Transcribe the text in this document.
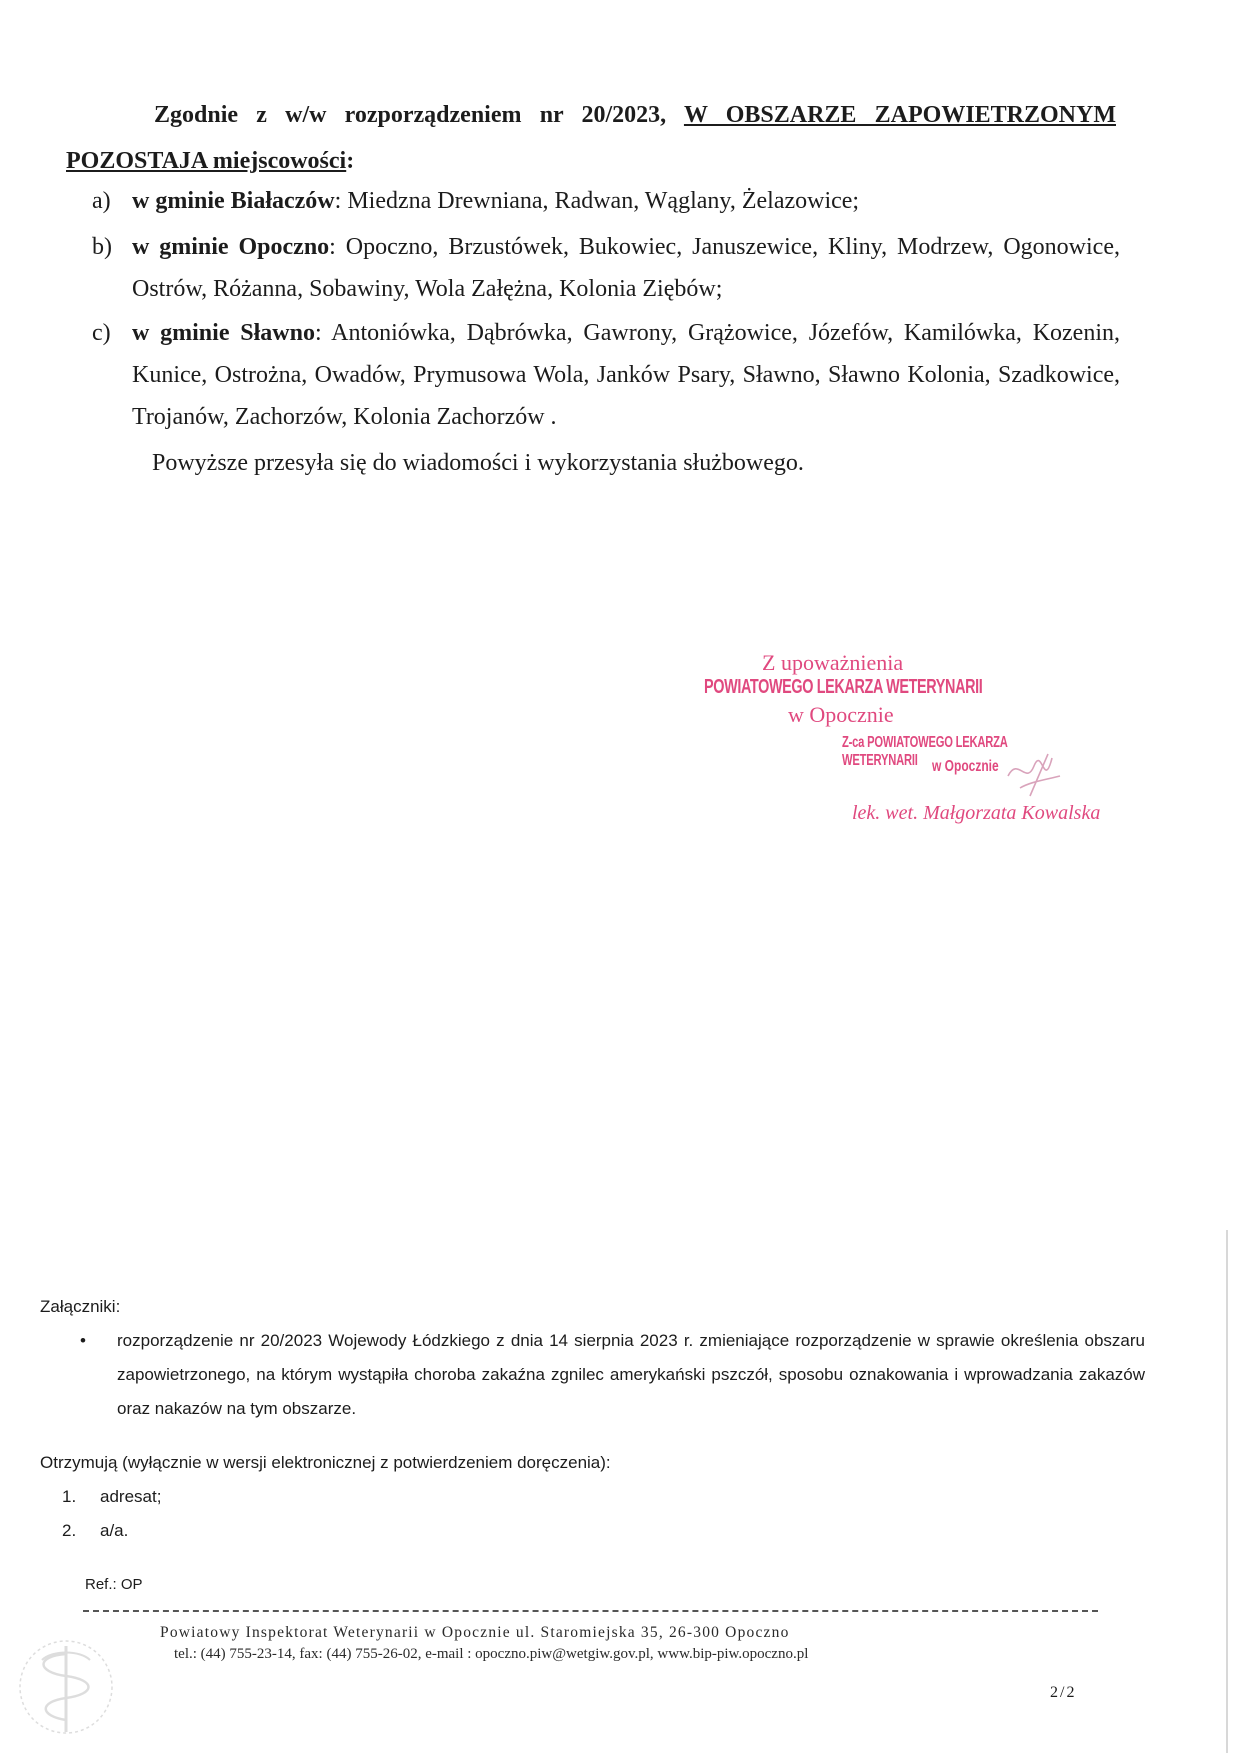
Zgodnie z w/w rozporządzeniem nr 20/2023, W OBSZARZE ZAPOWIETRZONYM

POZOSTAJA miejscowości:

a) w gminie Białaczów: Miedzna Drewniana, Radwan, Wąglany, Żelazowice;
b) w gminie Opoczno: Opoczno, Brzustówek, Bukowiec, Januszewice, Kliny, Modrzew, Ogonowice, Ostrów, Różanna, Sobawiny, Wola Załężna, Kolonia Ziębów;
c) w gminie Sławno: Antoniówka, Dąbrówka, Gawrony, Grążowice, Józefów, Kamilówka, Kozenin, Kunice, Ostrożna, Owadów, Prymusowa Wola, Janków Psary, Sławno, Sławno Kolonia, Szadkowice, Trojanów, Zachorzów, Kolonia Zachorzów .
Powyższe przesyła się do wiadomości i wykorzystania służbowego.
Z upoważnienia
POWIATOWEGO LEKARZA WETERYNARII
w Opocznie
Z-ca POWIATOWEGO LEKARZA WETERYNARII w Opocznie
lek. wet. Małgorzata Kowalska

Załączniki:

• rozporządzenie nr 20/2023 Wojewody Łódzkiego z dnia 14 sierpnia 2023 r. zmieniające rozporządzenie w sprawie określenia obszaru zapowietrzonego, na którym wystąpiła choroba zakaźna zgnilec amerykański pszczół, sposobu oznakowania i wprowadzania zakazów oraz nakazów na tym obszarze.

Otrzymują (wyłącznie w wersji elektronicznej z potwierdzeniem doręczenia):

1. adresat;

2. a/a.

Ref.: OP

Powiatowy Inspektorat Weterynarii w Opocznie ul. Staromiejska 35, 26-300 Opoczno

tel.: (44) 755-23-14, fax: (44) 755-26-02, e-mail : opoczno.piw@wetgiw.gov.pl, www.bip-piw.opoczno.pl

2/2
